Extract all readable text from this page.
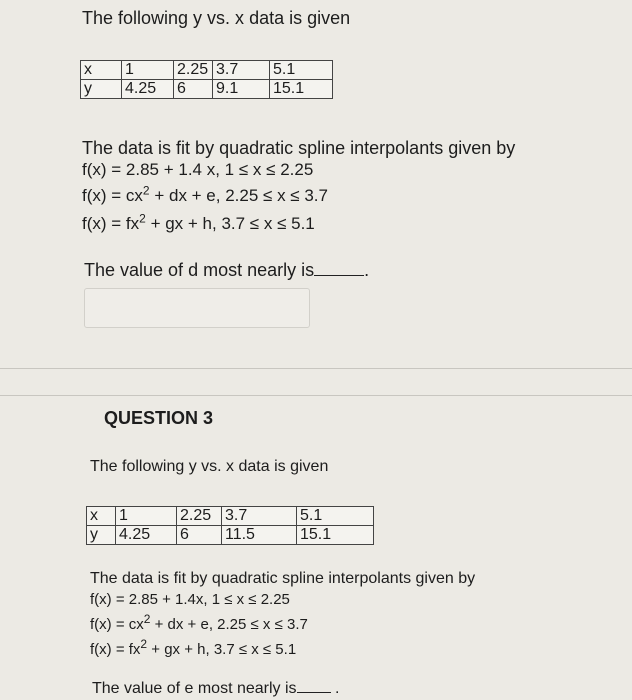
The following y vs. x data is given
x	1	2.25	3.7	5.1
y	4.25	6	9.1	15.1
The data is fit by quadratic spline interpolants given by
f(x) = 2.85 + 1.4 x, 1 ≤ x ≤ 2.25
$f(x) = cx^2$ + dx + e, 2.25 ≤ x ≤ 3.7
$f(x) = fx^2$ + gx + h, 3.7 ≤ x ≤ 5.1
The value of d most nearly is	.
QUESTION 3
The following y vs. x data is given
x	1	2.25	3.7	5.1
y	4.25	6	11.5	15.1
The data is fit by quadratic spline interpolants given by
f(x) = 2.85 + 1.4x, 1 ≤ x ≤ 2.25
$f(x) = cx^2$ + dx + e, 2.25 ≤ x ≤ 3.7
$f(x) = fx^2$ + gx + h, 3.7 ≤ x ≤ 5.1
The value of e most nearly is .
